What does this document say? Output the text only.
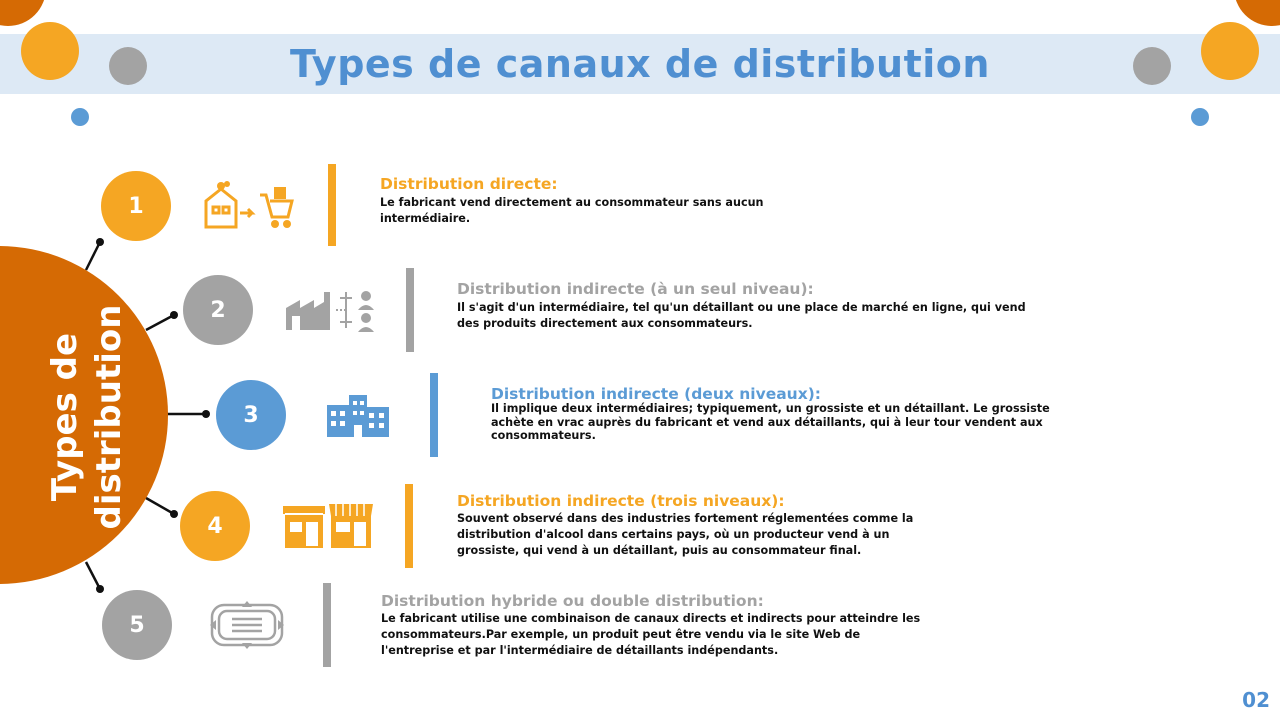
Types de canaux de distribution
Types de distribution
1
Distribution directe:
Le fabricant vend directement au consommateur sans aucun intermédiaire.
2
Distribution indirecte (à un seul niveau):
Il s'agit d'un intermédiaire, tel qu'un détaillant ou une place de marché en ligne, qui vend des produits directement aux consommateurs.
3
Distribution indirecte (deux niveaux):
Il implique deux intermédiaires; typiquement, un grossiste et un détaillant. Le grossiste achète en vrac auprès du fabricant et vend aux détaillants, qui à leur tour vendent aux consommateurs.
4
Distribution indirecte (trois niveaux):
Souvent observé dans des industries fortement réglementées comme la distribution d'alcool dans certains pays, où un producteur vend à un grossiste, qui vend à un détaillant, puis au consommateur final.
5
Distribution hybride ou double distribution:
Le fabricant utilise une combinaison de canaux directs et indirects pour atteindre les consommateurs.Par exemple, un produit peut être vendu via le site Web de l'entreprise et par l'intermédiaire de détaillants indépendants.
02
